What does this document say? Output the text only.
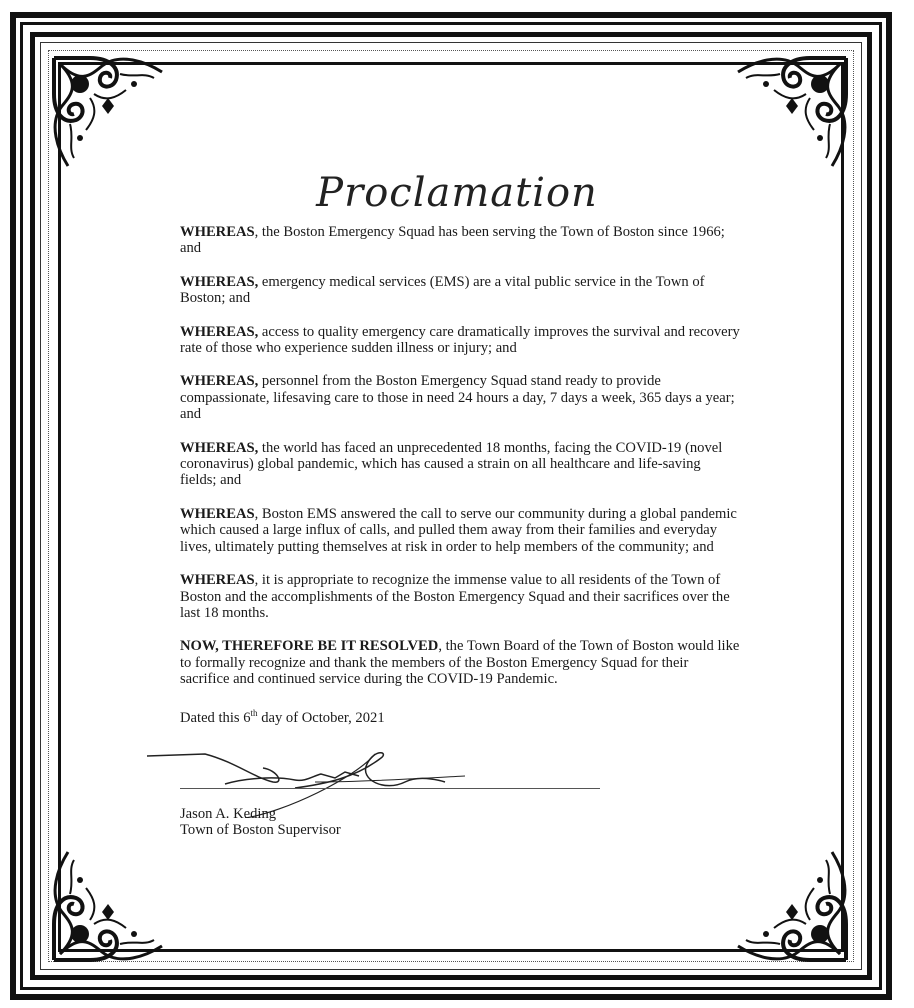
Proclamation

WHEREAS, the Boston Emergency Squad has been serving the Town of Boston since 1966; and

WHEREAS, emergency medical services (EMS) are a vital public service in the Town of Boston; and

WHEREAS, access to quality emergency care dramatically improves the survival and recovery rate of those who experience sudden illness or injury; and

WHEREAS, personnel from the Boston Emergency Squad stand ready to provide compassionate, lifesaving care to those in need 24 hours a day, 7 days a week, 365 days a year; and

WHEREAS, the world has faced an unprecedented 18 months, facing the COVID-19 (novel coronavirus) global pandemic, which has caused a strain on all healthcare and life-saving fields; and

WHEREAS, Boston EMS answered the call to serve our community during a global pandemic which caused a large influx of calls, and pulled them away from their families and everyday lives, ultimately putting themselves at risk in order to help members of the community; and

WHEREAS, it is appropriate to recognize the immense value to all residents of the Town of Boston and the accomplishments of the Boston Emergency Squad and their sacrifices over the last 18 months.

NOW, THEREFORE BE IT RESOLVED, the Town Board of the Town of Boston would like to formally recognize and thank the members of the Boston Emergency Squad for their sacrifice and continued service during the COVID-19 Pandemic.

Dated this 6th day of October, 2021

Jason A. Keding
Town of Boston Supervisor
